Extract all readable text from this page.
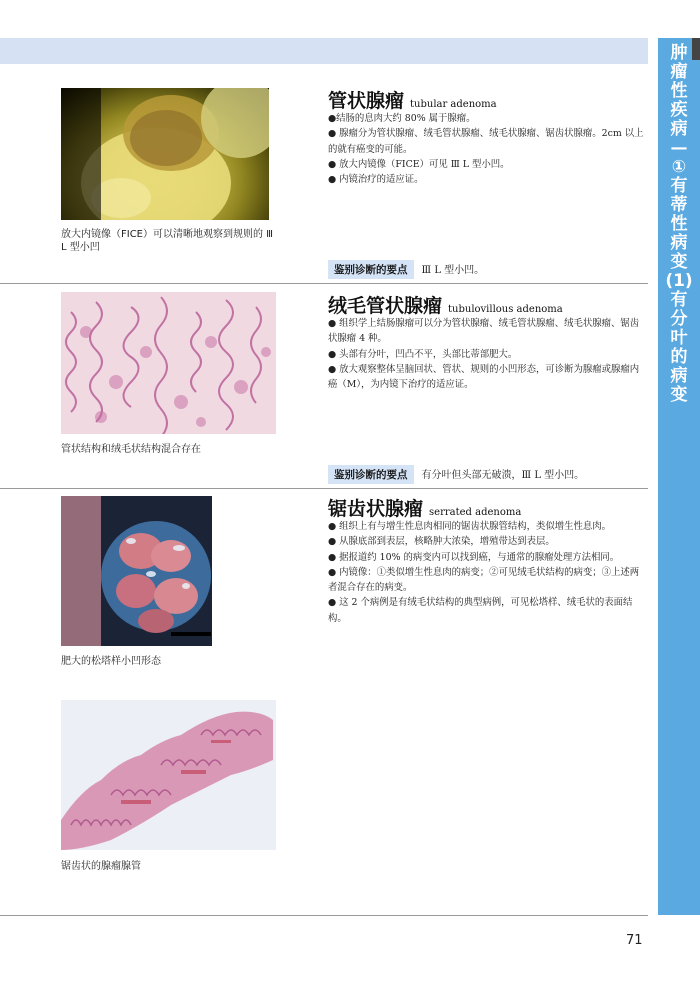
肿
瘤
性
疾
病
—
①
有
蒂
性
病
变
(1)
有
分
叶
的
病
变
放大内镜像（FICE）可以清晰地观察到规则的 Ⅲ L 型小凹
管状腺瘤 tubular adenoma

●结肠的息肉大约 80% 属于腺瘤。

● 腺瘤分为管状腺瘤、绒毛管状腺瘤、绒毛状腺瘤、锯齿状腺瘤。2cm 以上的就有癌变的可能。

● 放大内镜像（FICE）可见 Ⅲ L 型小凹。

● 内镜治疗的适应证。

鉴别诊断的要点 Ⅲ L 型小凹。
管状结构和绒毛状结构混合存在
绒毛管状腺瘤 tubulovillous adenoma

● 组织学上结肠腺瘤可以分为管状腺瘤、绒毛管状腺瘤、绒毛状腺瘤、锯齿状腺瘤 4 种。

● 头部有分叶，凹凸不平，头部比蒂部肥大。

● 放大观察整体呈脑回状、管状、规则的小凹形态，可诊断为腺瘤或腺瘤内癌（M），为内镜下治疗的适应证。

鉴别诊断的要点 有分叶但头部无破溃，Ⅲ L 型小凹。
肥大的松塔样小凹形态
锯齿状的腺瘤腺管
锯齿状腺瘤 serrated adenoma

● 组织上有与增生性息肉相同的锯齿状腺管结构，类似增生性息肉。

● 从腺底部到表层，核略肿大浓染，增殖带达到表层。

● 据报道约 10% 的病变内可以找到癌，与通常的腺瘤处理方法相同。

● 内镜像：①类似增生性息肉的病变；②可见绒毛状结构的病变；③上述两者混合存在的病变。

● 这 2 个病例是有绒毛状结构的典型病例，可见松塔样、绒毛状的表面结构。

71
